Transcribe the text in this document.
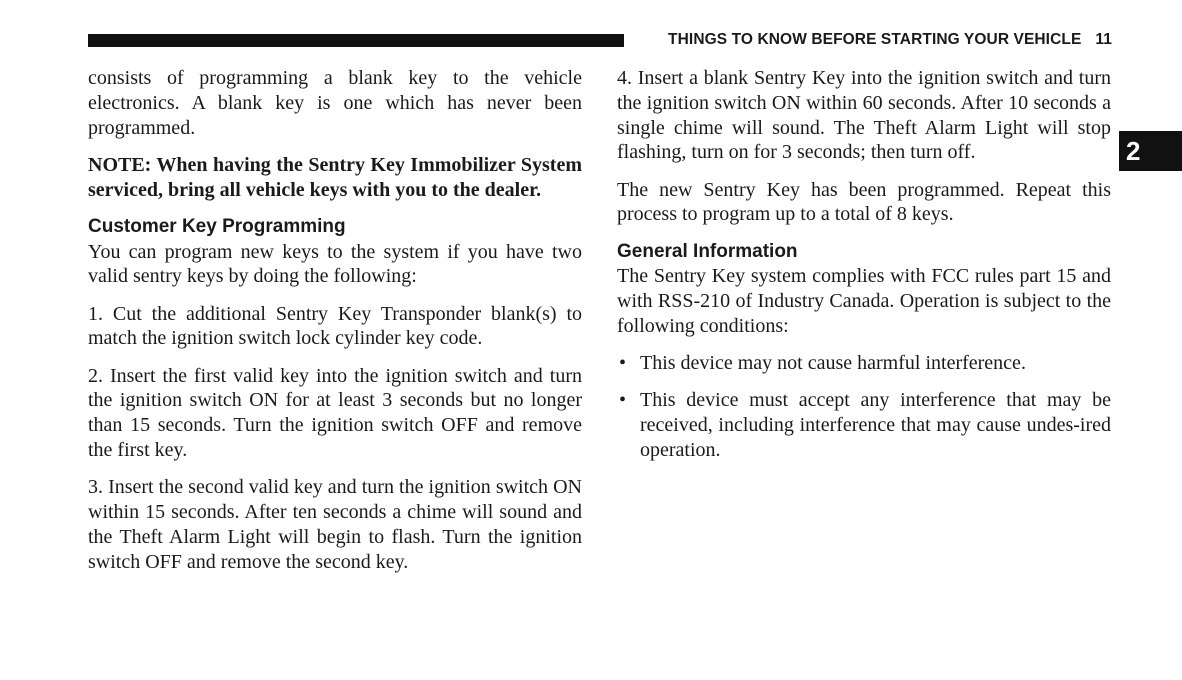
THINGS TO KNOW BEFORE STARTING YOUR VEHICLE 11
2

consists of programming a blank key to the vehicle electronics. A blank key is one which has never been programmed.

NOTE: When having the Sentry Key Immobilizer System serviced, bring all vehicle keys with you to the dealer.

Customer Key Programming

You can program new keys to the system if you have two valid sentry keys by doing the following:

1. Cut the additional Sentry Key Transponder blank(s) to match the ignition switch lock cylinder key code.

2. Insert the first valid key into the ignition switch and turn the ignition switch ON for at least 3 seconds but no longer than 15 seconds. Turn the ignition switch OFF and remove the first key.

3. Insert the second valid key and turn the ignition switch ON within 15 seconds. After ten seconds a chime will sound and the Theft Alarm Light will begin to flash. Turn the ignition switch OFF and remove the second key.

4. Insert a blank Sentry Key into the ignition switch and turn the ignition switch ON within 60 seconds. After 10 seconds a single chime will sound. The Theft Alarm Light will stop flashing, turn on for 3 seconds; then turn off.

The new Sentry Key has been programmed. Repeat this process to program up to a total of 8 keys.

General Information

The Sentry Key system complies with FCC rules part 15 and with RSS-210 of Industry Canada. Operation is subject to the following conditions:

• This device may not cause harmful interference.
• This device must accept any interference that may be received, including interference that may cause undes-ired operation.
